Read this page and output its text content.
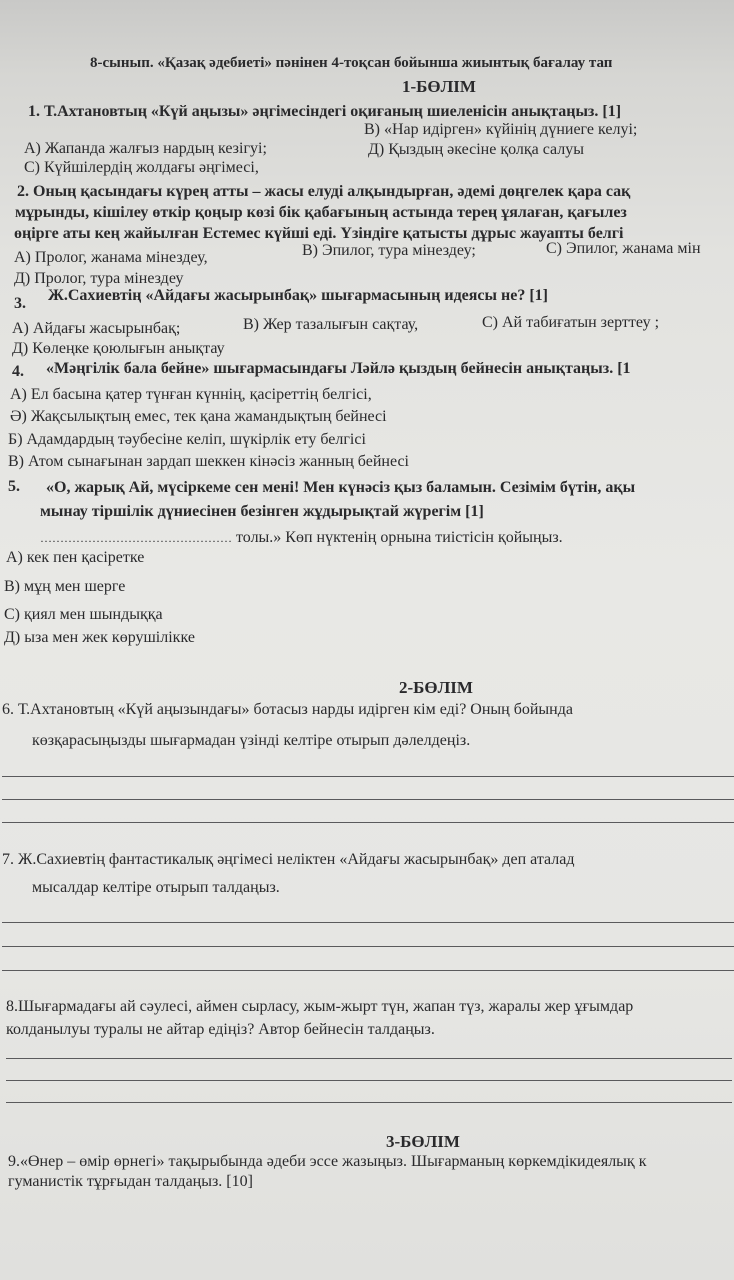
8-сынып. «Қазақ әдебиеті» пәнінен 4-тоқсан бойынша жиынтық бағалау тап
1-БӨЛІМ
1. Т.Ахтановтың «Күй аңызы» әңгімесіндегі оқиғаның шиеленісін анықтаңыз. [1]
А) Жапанда жалғыз нардың кезігуі;
В) «Нар идірген» күйінің дүниеге келуі;
С) Күйшілердің жолдағы әңгімесі,
Д) Қыздың әкесіне қолқа салуы
2. Оның қасындағы күрең атты – жасы елуді алқындырған, әдемі дөңгелек қара сақ
мұрынды, кішілеу өткір қоңыр көзі бік қабағының астында терең ұялаған, қағылез
өңірге аты кең жайылған Естемес күйші еді. Үзіндіге қатысты дұрыс жауапты белгі
А) Пролог, жанама мінездеу,	В) Эпилог, тура мінездеу;	С) Эпилог, жанама мін
Д) Пролог, тура мінездеу
3. Ж.Сахиевтің «Айдағы жасырынбақ» шығармасының идеясы не? [1]
А) Айдағы жасырынбақ;	В) Жер тазалығын сақтау,	С) Ай табиғатын зерттеу ;
Д) Көлеңке қоюлығын анықтау
4. «Мәңгілік бала бейне» шығармасындағы Ләйлә қыздың бейнесін анықтаңыз. [1
А) Ел басына қатер түнған күннің, қасіреттің белгісі,
Ә) Жақсылықтың емес, тек қана жамандықтың бейнесі
Б) Адамдардың тәубесіне келіп, шүкірлік ету белгісі
В) Атом сынағынан зардап шеккен кінәсіз жанның бейнесі
5. «О, жарық Ай, мүсіркеме сен мені! Мен күнәсіз қыз баламын. Сезімім бүтін, ақы
мынау тіршілік дүниесінен безінген жұдырықтай жүрегім [1]
………………………………………… толы.» Көп нүктенің орнына тиістісін қойыңыз.
А) кек пен қасіретке
В) мұң мен шерге
С) қиял мен шындыққа
Д) ыза мен жек көрушілікке
2-БӨЛІМ
6. Т.Ахтановтың «Күй аңызындағы» ботасыз нарды идірген кім еді? Оның бойында
көзқарасыңызды шығармадан үзінді келтіре отырып дәлелдеңіз.
7. Ж.Сахиевтің фантастикалық әңгімесі неліктен «Айдағы жасырынбақ» деп аталад
мысалдар келтіре отырып талдаңыз.
8.Шығармадағы ай сәулесі, аймен сырласу, жым-жырт түн, жапан түз, жаралы жер ұғымдар
колданылуы туралы не айтар едіңіз? Автор бейнесін талдаңыз.
3-БӨЛІМ
9.«Өнер – өмір өрнегі» тақырыбында әдеби эссе жазыңыз. Шығарманың көркемдікидеялық к
гуманистік тұрғыдан талдаңыз. [10]
